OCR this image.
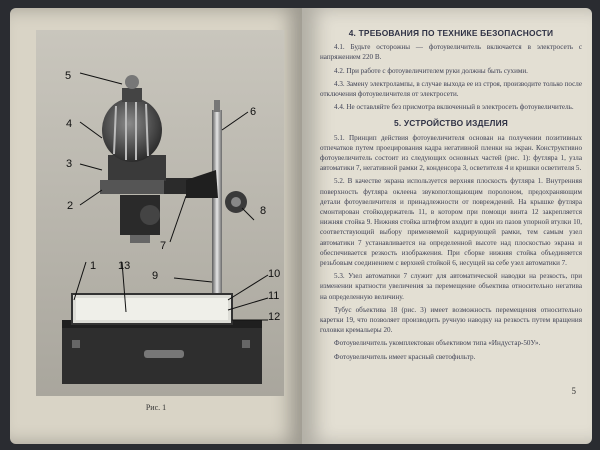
5
4
3
2
1 13
6
8
7
9	10
11
12
Рис. 1
4. ТРЕБОВАНИЯ ПО ТЕХНИКЕ БЕЗОПАСНОСТИ

4.1. Будьте осторожны — фотоувеличитель включается в электросеть с напряжением 220 В.

4.2. При работе с фотоувеличителем руки должны быть сухими.

4.3. Замену электролампы, в случае выхода ее из строя, производите только после отключения фотоувеличителя от электросети.

4.4. Не оставляйте без присмотра включенный в электросеть фотоувеличитель.

5. УСТРОЙСТВО ИЗДЕЛИЯ

5.1. Принцип действия фотоувеличителя основан на получении позитивных отпечатков путем проецирования кадра негативной пленки на экран. Конструктивно фотоувеличитель состоит из следующих основных частей (рис. 1): футляра 1, узла автоматики 7, негативной рамки 2, конденсора 3, осветителя 4 и кришки осветителя 5.

5.2. В качестве экрана используется верхняя плоскость футляра 1. Внутренняя поверхность футляра оклеена звукопоглощающим поролоном, предохраняющим детали фотоувеличителя и принадлежности от повреждений. На крышке футляра смонтирован стойкодержатель 11, в котором при помощи винта 12 закрепляется нижняя стойка 9. Нижняя стойка штифтом входит в один из пазов упорной втулки 10, соответствующий выбору применяемой кадрирующей рамки, тем самым узел автоматики 7 устанавливается на определенной высоте над плоскостью экрана и обеспечивается резкость изображения. При сборке нижняя стойка объединяется резьбовым соединением с верхней стойкой 6, несущей на себе узел автоматики 7.

5.3. Узел автоматики 7 служит для автоматической наводки на резкость, при изменении кратности увеличения за перемещение объектива относительно негатива на определенную величину.

Тубус объектива 18 (рис. 3) имеет возможность перемещения относительно каретки 19, что позволяет производить ручную наводку на резкость путем вращения головки кремальеры 20.

Фотоувеличитель укомплектован объективом типа «Индустар-50У».

Фотоувеличитель имеет красный светофильтр.

5
